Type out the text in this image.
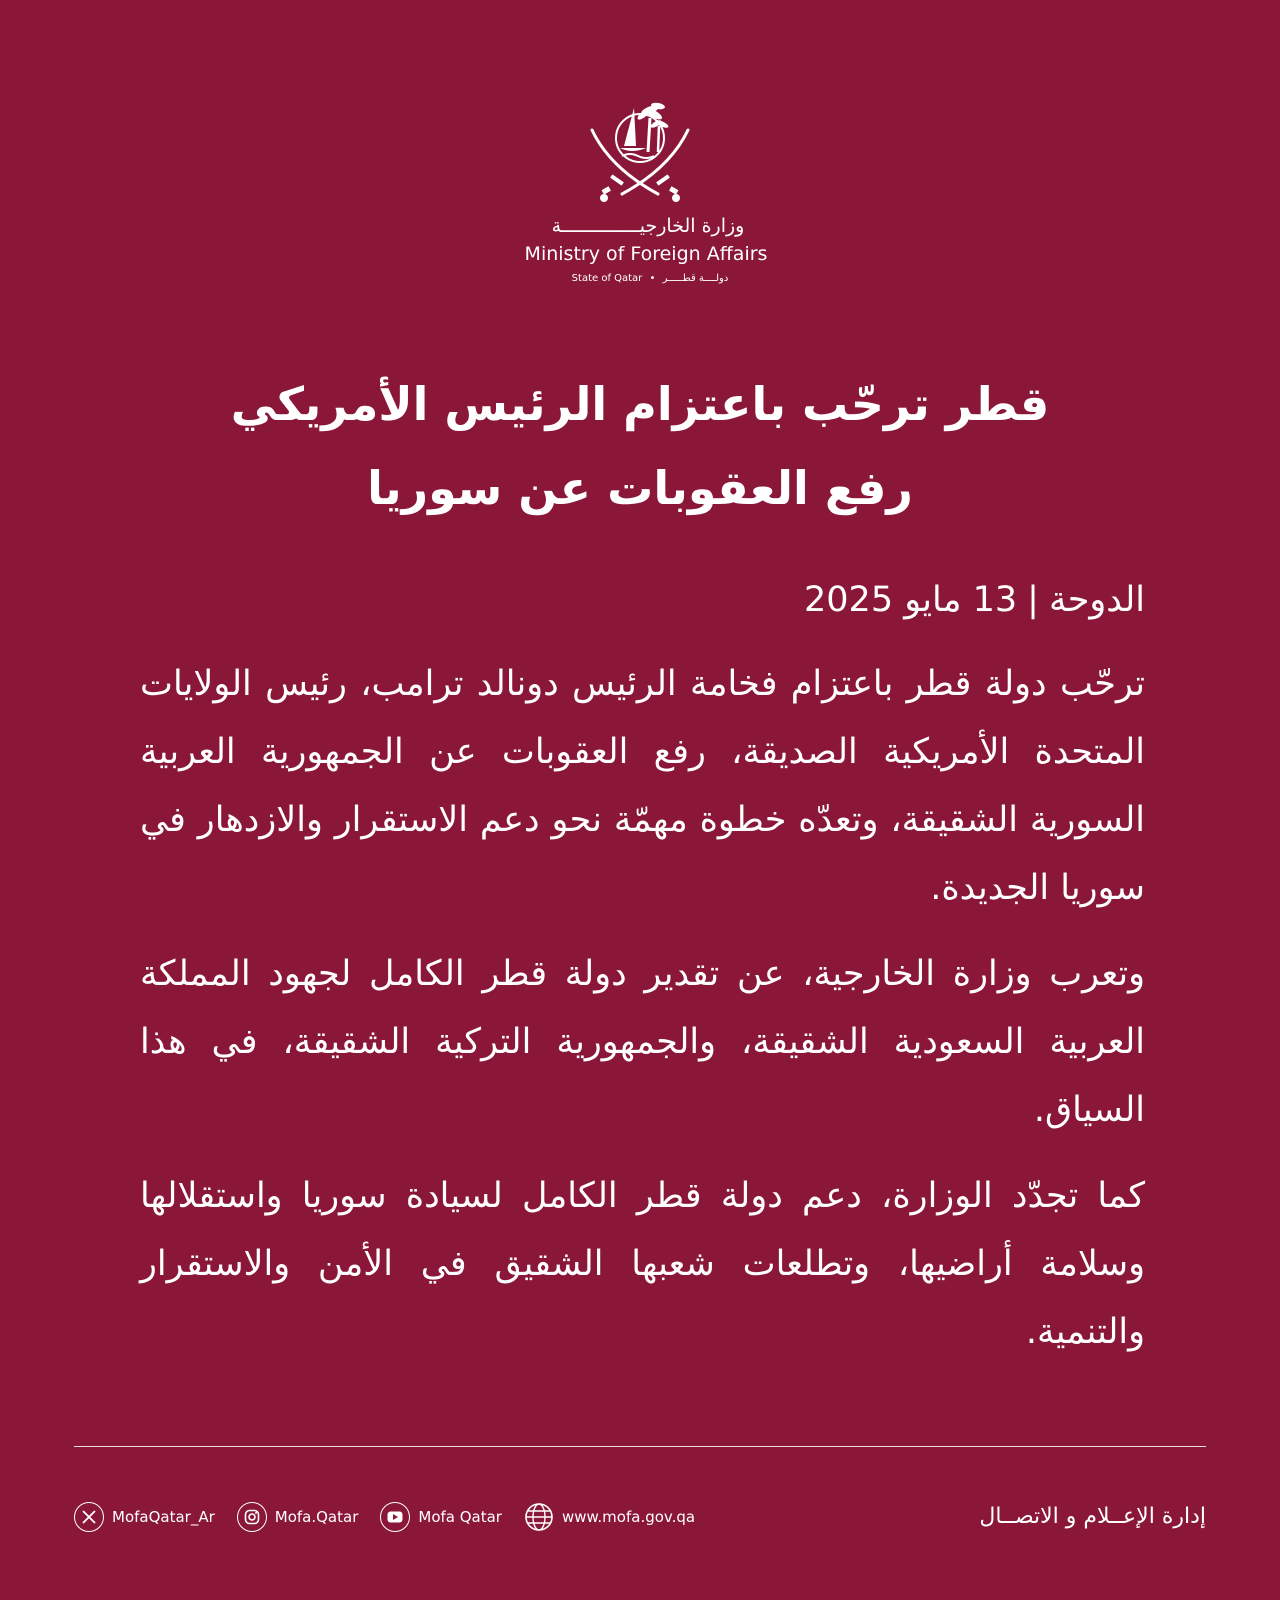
وزارة الخارجيــــــــــــــة
Ministry of Foreign Affairs
State of Qatar • دولــــة قطـــــر
قطر ترحّب باعتزام الرئيس الأمريكي
رفع العقوبات عن سوريا
الدوحة|13 مايو 2025

ترحّب دولة قطر باعتزام فخامة الرئيس دونالد ترامب، رئيس الولايات المتحدة الأمريكية الصديقة، رفع العقوبات عن الجمهورية العربية السورية الشقيقة، وتعدّه خطوة مهمّة نحو دعم الاستقرار والازدهار في سوريا الجديدة.

وتعرب وزارة الخارجية، عن تقدير دولة قطر الكامل لجهود المملكة العربية السعودية الشقيقة، والجمهورية التركية الشقيقة، في هذا السياق.

كما تجدّد الوزارة، دعم دولة قطر الكامل لسيادة سوريا واستقلالها وسلامة أراضيها، وتطلعات شعبها الشقيق في الأمن والاستقرار والتنمية.

MofaQatar_Ar	Mofa.Qatar	Mofa Qatar	www.mofa.gov.qa	إدارة الإعــلام و الاتصــال
